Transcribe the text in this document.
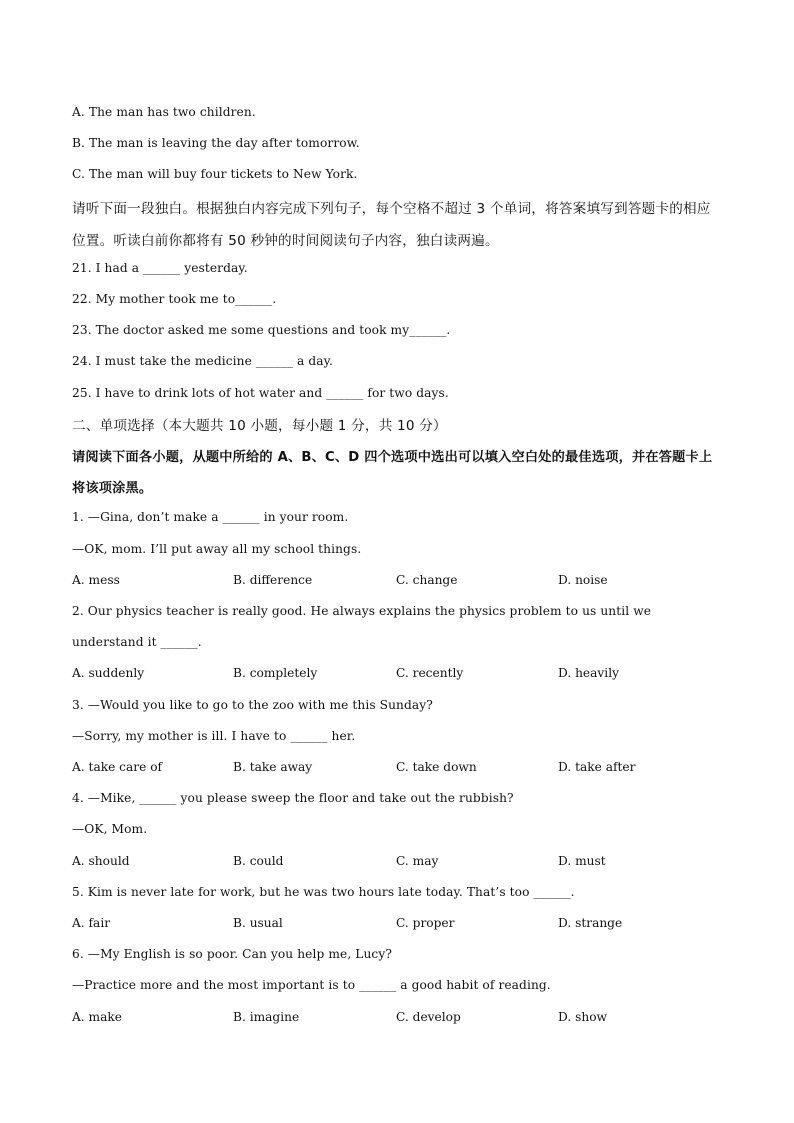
A. The man has two children.
B. The man is leaving the day after tomorrow.
C. The man will buy four tickets to New York.
请听下面一段独白。根据独白内容完成下列句子，每个空格不超过 3 个单词，将答案填写到答题卡的相应
位置。听读白前你都将有 50 秒钟的时间阅读句子内容，独白读两遍。
21. I had a ______ yesterday.
22. My mother took me to______.
23. The doctor asked me some questions and took my______.
24. I must take the medicine ______ a day.
25. I have to drink lots of hot water and ______ for two days.
二、单项选择（本大题共 10 小题，每小题 1 分，共 10 分）
请阅读下面各小题，从题中所给的 A、B、C、D 四个选项中选出可以填入空白处的最佳选项，并在答题卡上
将该项涂黑。
1. —Gina, don’t make a ______ in your room.
—OK, mom. I’ll put away all my school things.
A. mess	B. difference	C. change	D. noise
2. Our physics teacher is really good. He always explains the physics problem to us until we
understand it ______.
A. suddenly	B. completely	C. recently	D. heavily
3. —Would you like to go to the zoo with me this Sunday?
—Sorry, my mother is ill. I have to ______ her.
A. take care of	B. take away	C. take down	D. take after
4. —Mike, ______ you please sweep the floor and take out the rubbish?
—OK, Mom.
A. should	B. could	C. may	D. must
5. Kim is never late for work, but he was two hours late today. That’s too ______.
A. fair	B. usual	C. proper	D. strange
6. —My English is so poor. Can you help me, Lucy?
—Practice more and the most important is to ______ a good habit of reading.
A. make	B. imagine	C. develop	D. show
